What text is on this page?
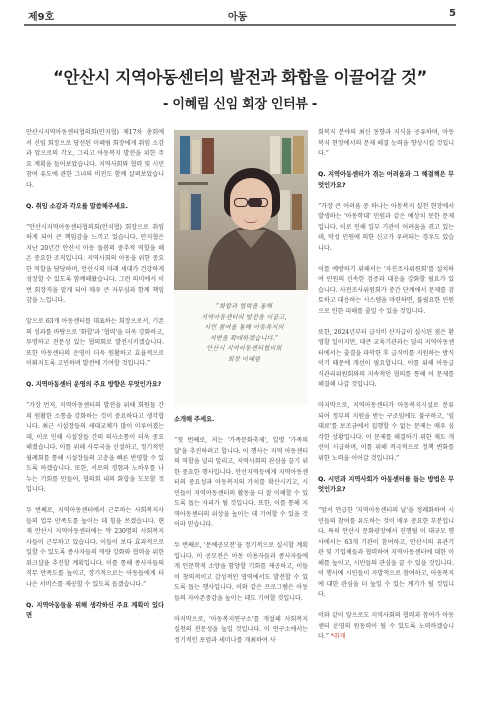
제9호	아동	5
“안산시 지역아동센터의 발전과 화합을 이끌어갈 것”
- 이혜림 신임 회장 인터뷰 -

안산시지역아동센터협의회(안지협) 제17차 총회에서 신임 회장으로 당선된 이혜림 회장에게 취임 소감과 앞으로의 각오, 그리고 아동복지 발전을 위한 주요 계획을 들어보았습니다. 지역사회와 협력 및 시민 참여 유도에 관한 그녀의 비전도 함께 살펴보았습니다.

Q. 취임 소감과 각오를 말씀해주세요.

“안산시지역아동센터협의회(안지협) 회장으로 취임하게 되어 큰 책임감을 느끼고 있습니다. 안지협은 지난 20년간 안산시 아동 돌봄의 중추적 역할을 해온 중요한 조직입니다. 지역사회의 아동을 위한 중요한 역할을 담당하며, 안산시의 미래 세대가 건강하게 성장할 수 있도록 함께해왔습니다. 그런 의미에서 이번 회장직을 맡게 되어 매우 큰 자부심과 함께 책임감을 느낍니다.

앞으로 63개 아동센터를 대표하는 회장으로서, 기존의 성과를 바탕으로 '화합'과 '협력'을 더욱 강화하고, 투명하고 전문성 있는 협의회로 발전시키겠습니다. 또한 아동센터의 운영이 더욱 원활하고 효율적으로 이뤄지도록 고민하며 발전에 기여할 것입니다.”

Q. 지역아동센터 운영의 주요 방향은 무엇인가요?

“가장 먼저, 지역아동센터의 발전을 위해 회원들 간의 원활한 소통을 강화하는 것이 중요하다고 생각합니다. 최근 시설장들의 세대교체가 많이 이루어졌는데, 이로 인해 시설장들 간의 의사소통이 더욱 중요해졌습니다. 이를 위해 사무국을 신설하고, 정기적인 월례회를 통해 시설장들의 고충을 빠른 반영할 수 있도록 하겠습니다. 또한, 서로의 경험과 노하우를 나누는 기회를 만들어, 협의회 내의 화합을 도모할 것입니다.

두 번째로, 지역아동센터에서 근무하는 사회복지사들의 업무 만족도를 높이는 데 힘을 쓰겠습니다. 현재 안산시 지역아동센터에는 약 230명의 사회복지사들이 근무하고 있습니다. 이들이 보다 효과적으로 일할 수 있도록 종사자들의 역량 강화와 협력을 위한 워크샵을 추진할 계획입니다. 이를 통해 종사자들의 직무 만족도를 높이고, 장기적으로는 아동들에게 더 나은 서비스를 제공할 수 있도록 돕겠습니다.”

Q. 지역아동들을 위해 생각하신 주요 계획이 있다면

“화합과 협력을 통해
지역아동센터의 발전을 이끌고,
시민 참여를 통해 아동복지의
저변을 확대하겠습니다.”
안산시 지역아동센터협의회
회장 이혜림

소개해 주세요.

“첫 번째로, 저는 '가족문화축제', 일명 '가족의 달'을 추진하려고 합니다. 이 행사는 지역 아동센터의 역할을 널리 알리고, 지역사회의 관심을 끌기 위한 중요한 행사입니다. 안산지역등에게 지역아동센터의 중요성과 아동복지의 가치를 확산시키고, 시민들이 지역아동센터의 활동을 더 잘 이해할 수 있도록 돕는 자리가 될 것입니다. 또한, 이를 통해 지역아동센터의 위상을 높이는 데 기여할 수 있을 것이라 믿습니다.

두 번째로, '문예공모전'을 정기적으로 실시할 계획입니다. 이 공모전은 아동 이용자들과 종사자들에게 인문학적 소양을 함양할 기회를 제공하고, 이들이 창의적이고 감성적인 영역에서도 발전할 수 있도록 돕는 행사입니다. 이와 같은 프로그램은 아동들의 자아존중감을 높이는 데도 기여할 것입니다.

마지막으로, '아동복지연구소'를 개설해 사회복지 실천의 전문성을 높일 것입니다. 이 연구소에서는 정기적인 포럼과 세미나를 개최하여 사

회복지 분야의 최신 동향과 지식을 공유하며, 아동복지 현장에서의 문제 해결 능력을 향상시킬 것입니다.”

Q. 지역아동센터가 겪는 어려움과 그 해결책은 무엇인가요?

“가장 큰 어려움 중 하나는 아동복지 실천 현장에서 발생하는 '아동학대' 민원과 같은 예상치 못한 문제입니다. 이로 인해 일부 기관이 어려움을 겪고 있는데, 악성 민원에 의한 신고가 우려되는 경우도 있습니다.

이를 예방하기 위해서는 '자진조사위원회'를 설치하여 민원의 신속한 검증과 대응을 강화할 필요가 있습니다. 사전조사위원회가 중간 단계에서 문제를 검토하고 대응하는 시스템을 마련하면, 불필요한 민원으로 인한 피해를 줄일 수 있을 것입니다.

또한, 2024년부터 급식비 산지급이 실시된 점은 환영할 일이지만, 대큰 교육기관과는 달리 지역아동센터에서는 출결을 파악한 후 급식비를 지원하는 방식이기 때문에 개선이 필요합니다. 이를 위해 아동급식관리위원회와의 지속적인 협의를 통해 이 문제를 해결해 나갈 것입니다.

마지막으로, 지역아동센터가 아동복지시설로 분류되어 정부의 지원을 받는 구조임에도 불구하고, '임대료'를 보조금에서 집행할 수 없는 문제는 매우 심각한 상황입니다. 이 문제를 해결하기 위한 제도 개선이 시급하며, 이를 위해 적극적으로 정책 변화를 위한 노력을 이어갈 것입니다.”

Q. 시민과 지역사회가 아동센터를 돕는 방법은 무엇인가요?

“앞서 언급한 '지역아동센터의 날'을 정례화하여 시민들의 참여를 유도하는 것이 매우 중요한 부분입니다. 특히 안산시 문화광장에서 진행될 이 대규모 행사에서는 63개 기관이 참여하고, 안산시의 유관기관 및 기업체들과 협력하여 지역아동센터에 대한 이해를 높이고, 시민들의 관심을 끌 수 있을 것입니다. 이 행사에 시민들이 자발적으로 참여하고, 아동복지에 대한 관심을 더 높일 수 있는 계기가 될 것입니다.

이와 같이 앞으로도 지역사회의 협력과 참여가 아동센터 운영의 원동력이 될 수 있도록 노력하겠습니다.” *취재
